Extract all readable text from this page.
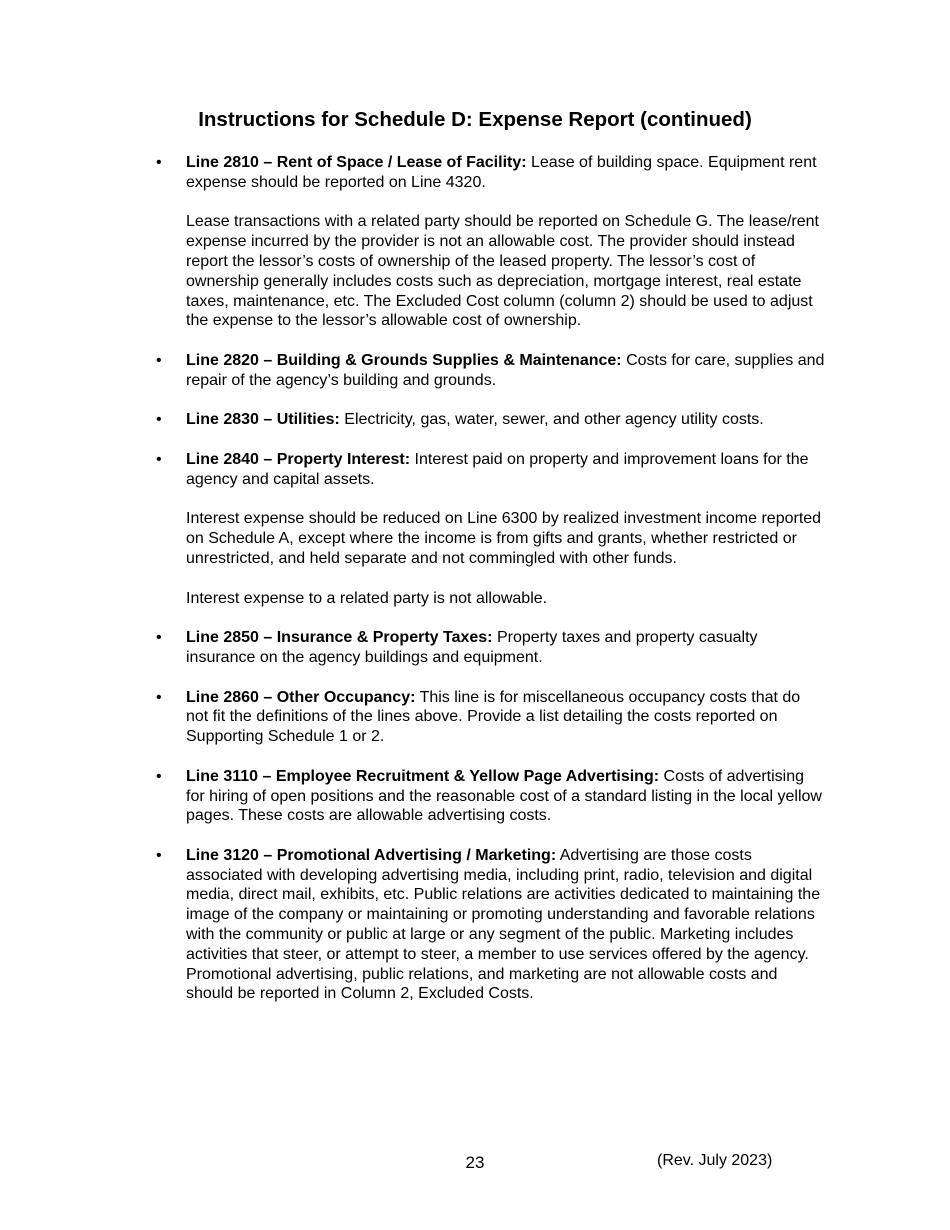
Instructions for Schedule D: Expense Report (continued)
• Line 2810 – Rent of Space / Lease of Facility: Lease of building space. Equipment rent expense should be reported on Line 4320.

Lease transactions with a related party should be reported on Schedule G. The lease/rent expense incurred by the provider is not an allowable cost. The provider should instead report the lessor’s costs of ownership of the leased property. The lessor’s cost of ownership generally includes costs such as depreciation, mortgage interest, real estate taxes, maintenance, etc. The Excluded Cost column (column 2) should be used to adjust the expense to the lessor’s allowable cost of ownership.

• Line 2820 – Building & Grounds Supplies & Maintenance: Costs for care, supplies and repair of the agency’s building and grounds.

• Line 2830 – Utilities: Electricity, gas, water, sewer, and other agency utility costs.

• Line 2840 – Property Interest: Interest paid on property and improvement loans for the agency and capital assets.

Interest expense should be reduced on Line 6300 by realized investment income reported on Schedule A, except where the income is from gifts and grants, whether restricted or unrestricted, and held separate and not commingled with other funds.

Interest expense to a related party is not allowable.

• Line 2850 – Insurance & Property Taxes: Property taxes and property casualty insurance on the agency buildings and equipment.

• Line 2860 – Other Occupancy: This line is for miscellaneous occupancy costs that do not fit the definitions of the lines above. Provide a list detailing the costs reported on Supporting Schedule 1 or 2.

• Line 3110 – Employee Recruitment & Yellow Page Advertising: Costs of advertising for hiring of open positions and the reasonable cost of a standard listing in the local yellow pages. These costs are allowable advertising costs.

• Line 3120 – Promotional Advertising / Marketing: Advertising are those costs associated with developing advertising media, including print, radio, television and digital media, direct mail, exhibits, etc. Public relations are activities dedicated to maintaining the image of the company or maintaining or promoting understanding and favorable relations with the community or public at large or any segment of the public. Marketing includes activities that steer, or attempt to steer, a member to use services offered by the agency. Promotional advertising, public relations, and marketing are not allowable costs and should be reported in Column 2, Excluded Costs.

23	(Rev. July 2023)
